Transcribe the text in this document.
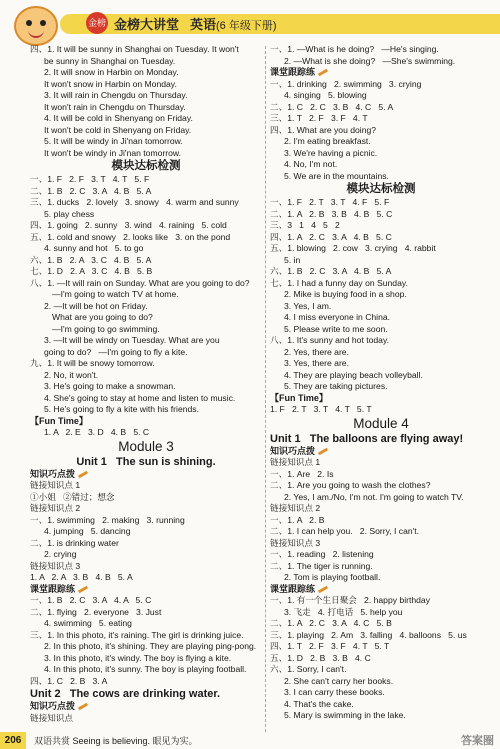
金榜 金榜大讲堂 英语(6 年级下册)

四、1. It will be sunny in Shanghai on Tuesday. It won't

be sunny in Shanghai on Tuesday.

2. It will snow in Harbin on Monday.

It won't snow in Harbin on Monday.

3. It will rain in Chengdu on Thursday.

It won't rain in Chengdu on Thursday.

4. It will be cold in Shenyang on Friday.

It won't be cold in Shenyang on Friday.

5. It will be windy in Ji'nan tomorrow.

It won't be windy in Ji'nan tomorrow.

模块达标检测

一、1. F   2. F   3. T   4. T   5. F

二、1. B   2. C   3. A   4. B   5. A

三、1. ducks   2. lovely   3. snowy   4. warm and sunny

5. play chess

四、1. going   2. sunny   3. wind   4. raining   5. cold

五、1. cold and snowy   2. looks like   3. on the pond

4. sunny and hot   5. to go

六、1. B   2. A   3. C   4. B   5. A

七、1. D   2. A   3. C   4. B   5. B

八、1. —It will rain on Sunday. What are you going to do?

—I'm going to watch TV at home.

2. —It will be hot on Friday.

What are you going to do?

—I'm going to go swimming.

3. —It will be windy on Tuesday. What are you

going to do?   —I'm going to fly a kite.

九、1. It will be snowy tomorrow.

2. No, it won't.

3. He's going to make a snowman.

4. She's going to stay at home and listen to music.

5. He's going to fly a kite with his friends.

【Fun Time】

1. A   2. E   3. D   4. B   5. C

Module 3

Unit 1   The sun is shining.

知识巧点拨

链接知识点 1

①小姐   ②错过；想念

链接知识点 2

一、1. swimming   2. making   3. running

4. jumping   5. dancing

二、1. is drinking water

2. crying

链接知识点 3

1. A   2. A   3. B   4. B   5. A

课堂跟踪练

一、1. B   2. C   3. A   4. A   5. C

二、1. flying   2. everyone   3. Just

4. swimming   5. eating

三、1. In this photo, it's raining. The girl is drinking juice.

2. In this photo, it's shining. They are playing ping-pong.

3. In this photo, it's windy. The boy is flying a kite.

4. In this photo, it's sunny. The boy is playing football.

四、1. C   2. B   3. A

Unit 2   The cows are drinking water.

知识巧点拨

链接知识点

一、1. —What is he doing?   —He's singing.

2. —What is she doing?   —She's swimming.

课堂跟踪练

一、1. drinking   2. swimming   3. crying

4. singing   5. blowing

二、1. C   2. C   3. B   4. C   5. A

三、1. T   2. F   3. F   4. T

四、1. What are you doing?

2. I'm eating breakfast.

3. We're having a picnic.

4. No, I'm not.

5. We are in the mountains.

模块达标检测

一、1. F   2. T   3. T   4. F   5. F

二、1. A   2. B   3. B   4. B   5. C

三、3   1   4   5   2

四、1. A   2. C   3. A   4. B   5. C

五、1. blowing   2. cow   3. crying   4. rabbit

5. in

六、1. B   2. C   3. A   4. B   5. A

七、1. I had a funny day on Sunday.

2. Mike is buying food in a shop.

3. Yes, I am.

4. I miss everyone in China.

5. Please write to me soon.

八、1. It's sunny and hot today.

2. Yes, there are.

3. Yes, there are.

4. They are playing beach volleyball.

5. They are taking pictures.

【Fun Time】

1. F   2. T   3. T   4. T   5. T

Module 4

Unit 1   The balloons are flying away!

知识巧点拨

链接知识点 1

一、1. Are   2. Is

二、1. Are you going to wash the clothes?

2. Yes, I am./No, I'm not. I'm going to watch TV.

链接知识点 2

一、1. A   2. B

二、1. I can help you.   2. Sorry, I can't.

链接知识点 3

一、1. reading   2. listening

二、1. The tiger is running.

2. Tom is playing football.

课堂跟踪练

一、1. 有一个生日聚会   2. happy birthday

3. 飞走   4. 打电话   5. help you

二、1. A   2. C   3. A   4. C   5. B

三、1. playing   2. Am   3. falling   4. balloons   5. us

四、1. T   2. F   3. F   4. T   5. T

五、1. D   2. B   3. B   4. C

六、1. Sorry, I can't.

2. She can't carry her books.

3. I can carry these books.

4. That's the cake.

5. Mary is swimming in the lake.

206	双语共赏 Seeing is believing. 眼见为实。	答案圈
